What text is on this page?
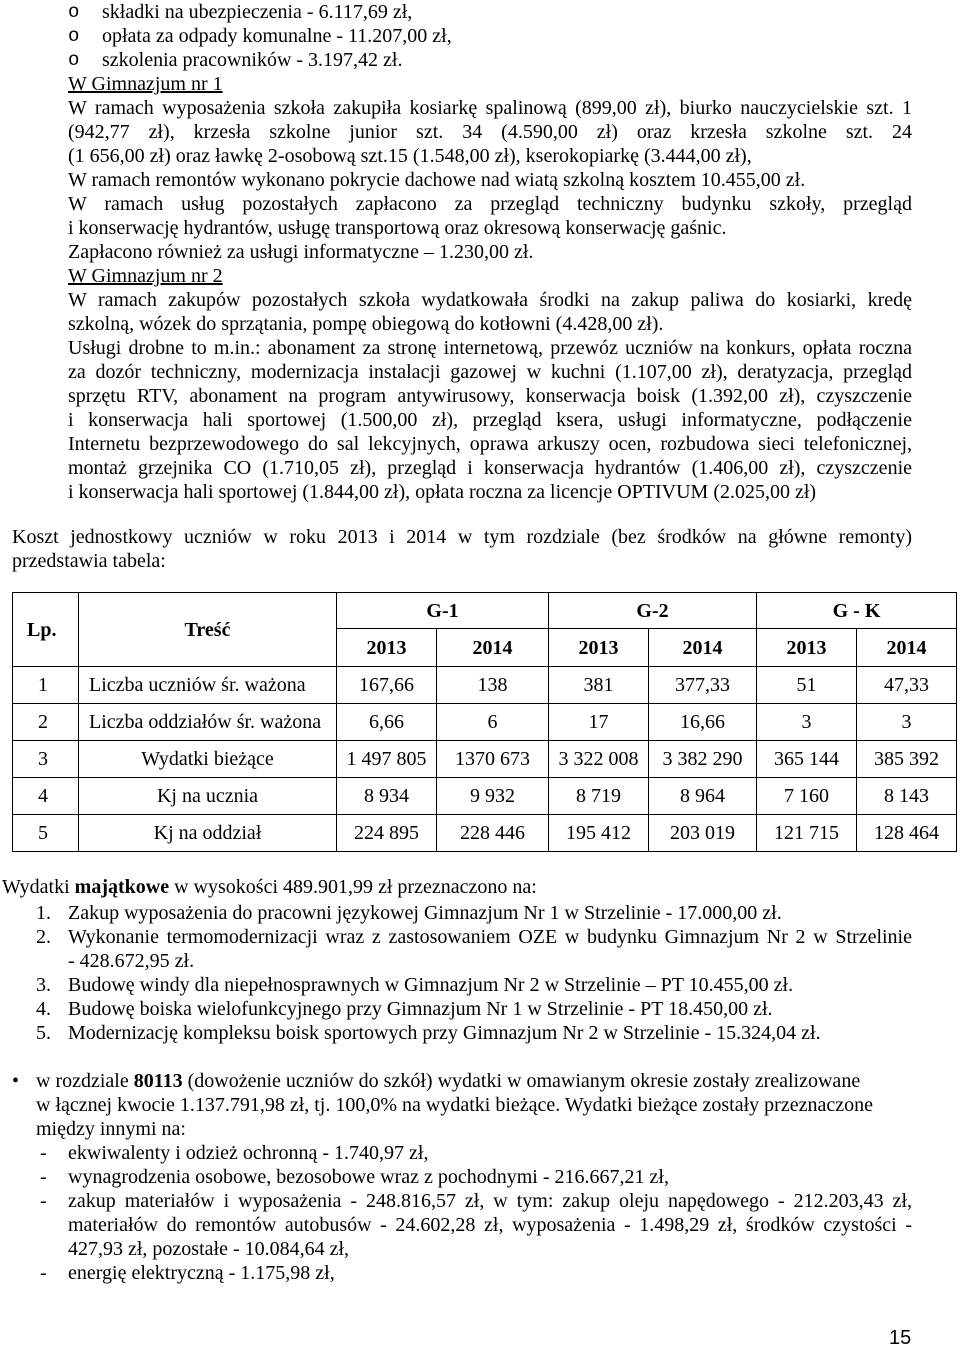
o składki na ubezpieczenia - 6.117,69 zł,
o opłata za odpady komunalne - 11.207,00 zł,
o szkolenia pracowników - 3.197,42 zł.
W Gimnazjum nr 1
W ramach wyposażenia szkoła zakupiła kosiarkę spalinową (899,00 zł), biurko nauczycielskie szt. 1
(942,77 zł), krzesła szkolne junior szt. 34 (4.590,00 zł) oraz krzesła szkolne szt. 24
(1 656,00 zł) oraz ławkę 2-osobową szt.15 (1.548,00 zł), kserokopiarkę (3.444,00 zł),
W ramach remontów wykonano pokrycie dachowe nad wiatą szkolną kosztem 10.455,00 zł.
W ramach usług pozostałych zapłacono za przegląd techniczny budynku szkoły, przegląd
i konserwację hydrantów, usługę transportową oraz okresową konserwację gaśnic.
Zapłacono również za usługi informatyczne – 1.230,00 zł.
W Gimnazjum nr 2
W ramach zakupów pozostałych szkoła wydatkowała środki na zakup paliwa do kosiarki, kredę
szkolną, wózek do sprzątania, pompę obiegową do kotłowni (4.428,00 zł).
Usługi drobne to m.in.: abonament za stronę internetową, przewóz uczniów na konkurs, opłata roczna
za dozór techniczny, modernizacja instalacji gazowej w kuchni (1.107,00 zł), deratyzacja, przegląd
sprzętu RTV, abonament na program antywirusowy, konserwacja boisk (1.392,00 zł), czyszczenie
i konserwacja hali sportowej (1.500,00 zł), przegląd ksera, usługi informatyczne, podłączenie
Internetu bezprzewodowego do sal lekcyjnych, oprawa arkuszy ocen, rozbudowa sieci telefonicznej,
montaż grzejnika CO (1.710,05 zł), przegląd i konserwacja hydrantów (1.406,00 zł), czyszczenie
i konserwacja hali sportowej (1.844,00 zł), opłata roczna za licencje OPTIVUM (2.025,00 zł)
Koszt jednostkowy uczniów w roku 2013 i 2014 w tym rozdziale (bez środków na główne remonty)
przedstawia tabela:
Lp.	Treść	G-1		G-2		G - K	
		2013	2014	2013	2014	2013	2014
1	Liczba uczniów śr. ważona	167,66	138	381	377,33	51	47,33
2	Liczba oddziałów śr. ważona	6,66	6	17	16,66	3	3
3	Wydatki bieżące	1 497 805	1370 673	3 322 008	3 382 290	365 144	385 392
4	Kj na ucznia	8 934	9 932	8 719	8 964	7 160	8 143
5	Kj na oddział	224 895	228 446	195 412	203 019	121 715	128 464
Wydatki majątkowe w wysokości 489.901,99 zł przeznaczono na:
1. Zakup wyposażenia do pracowni językowej Gimnazjum Nr 1 w Strzelinie - 17.000,00 zł.
2. Wykonanie termomodernizacji wraz z zastosowaniem OZE w budynku Gimnazjum Nr 2 w Strzelinie
- 428.672,95 zł.
3. Budowę windy dla niepełnosprawnych w Gimnazjum Nr 2 w Strzelinie – PT 10.455,00 zł.
4. Budowę boiska wielofunkcyjnego przy Gimnazjum Nr 1 w Strzelinie - PT 18.450,00 zł.
5. Modernizację kompleksu boisk sportowych przy Gimnazjum Nr 2 w Strzelinie - 15.324,04 zł.
• w rozdziale 80113 (dowożenie uczniów do szkół) wydatki w omawianym okresie zostały zrealizowane
w łącznej kwocie 1.137.791,98 zł, tj. 100,0% na wydatki bieżące. Wydatki bieżące zostały przeznaczone
między innymi na:
- ekwiwalenty i odzież ochronną - 1.740,97 zł,
- wynagrodzenia osobowe, bezosobowe wraz z pochodnymi - 216.667,21 zł,
- zakup materiałów i wyposażenia - 248.816,57 zł, w tym: zakup oleju napędowego - 212.203,43 zł,
materiałów do remontów autobusów - 24.602,28 zł, wyposażenia - 1.498,29 zł, środków czystości -
427,93 zł, pozostałe - 10.084,64 zł,
- energię elektryczną - 1.175,98 zł,
15
